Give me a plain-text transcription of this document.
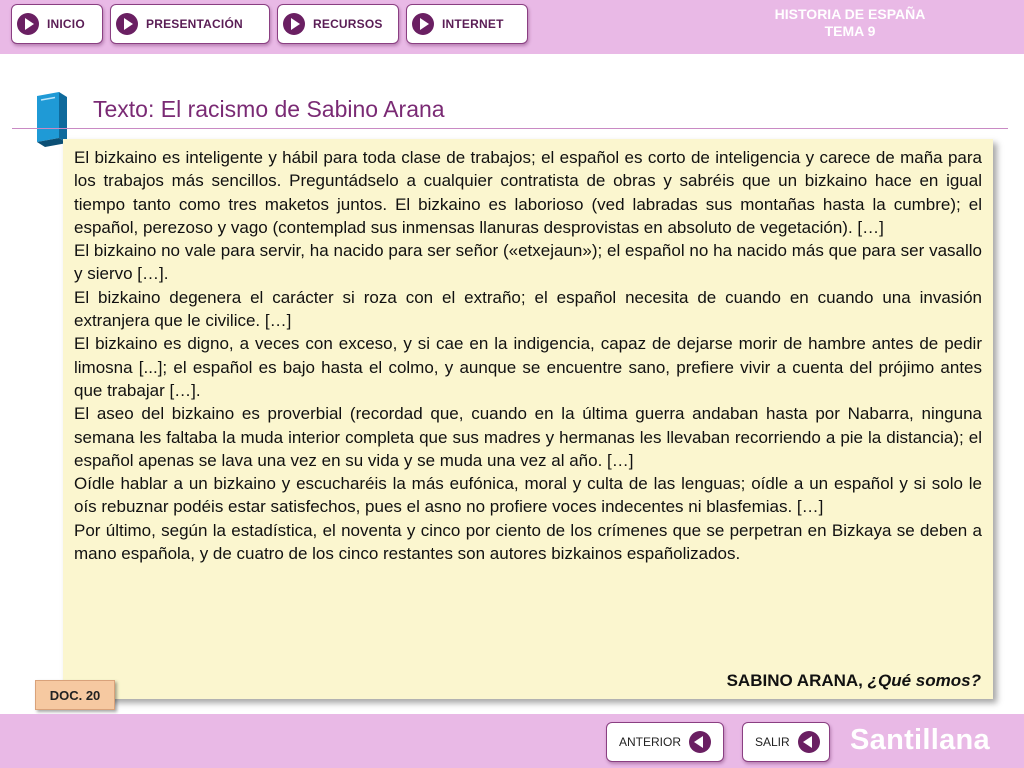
INICIO	PRESENTACIÓN	RECURSOS	INTERNET
HISTORIA DE ESPAÑA
TEMA 9
Texto: El racismo de Sabino Arana

El bizkaino es inteligente y hábil para toda clase de trabajos; el español es corto de inteligencia y carece de maña para los trabajos más sencillos. Preguntádselo a cualquier contratista de obras y sabréis que un bizkaino hace en igual tiempo tanto como tres maketos juntos. El bizkaino es laborioso (ved labradas sus montañas hasta la cumbre); el español, perezoso y vago (contemplad sus inmensas llanuras desprovistas en absoluto de vegetación). […]

El bizkaino no vale para servir, ha nacido para ser señor («etxejaun»); el español no ha nacido más que para ser vasallo y siervo […].

El bizkaino degenera el carácter si roza con el extraño; el español necesita de cuando en cuando una invasión extranjera que le civilice. […]

El bizkaino es digno, a veces con exceso, y si cae en la indigencia, capaz de dejarse morir de hambre antes de pedir limosna [...]; el español es bajo hasta el colmo, y aunque se encuentre sano, prefiere vivir a cuenta del prójimo antes que trabajar […].

El aseo del bizkaino es proverbial (recordad que, cuando en la última guerra andaban hasta por Nabarra, ninguna semana les faltaba la muda interior completa que sus madres y hermanas les llevaban recorriendo a pie la distancia); el español apenas se lava una vez en su vida y se muda una vez al año. […]

Oídle hablar a un bizkaino y escucharéis la más eufónica, moral y culta de las lenguas; oídle a un español y si solo le oís rebuznar podéis estar satisfechos, pues el asno no profiere voces indecentes ni blasfemias. […]

Por último, según la estadística, el noventa y cinco por ciento de los crímenes que se perpetran en Bizkaya se deben a mano española, y de cuatro de los cinco restantes son autores bizkainos españolizados.

SABINO ARANA, ¿Qué somos?
DOC. 20
ANTERIOR	SALIR Santillana
